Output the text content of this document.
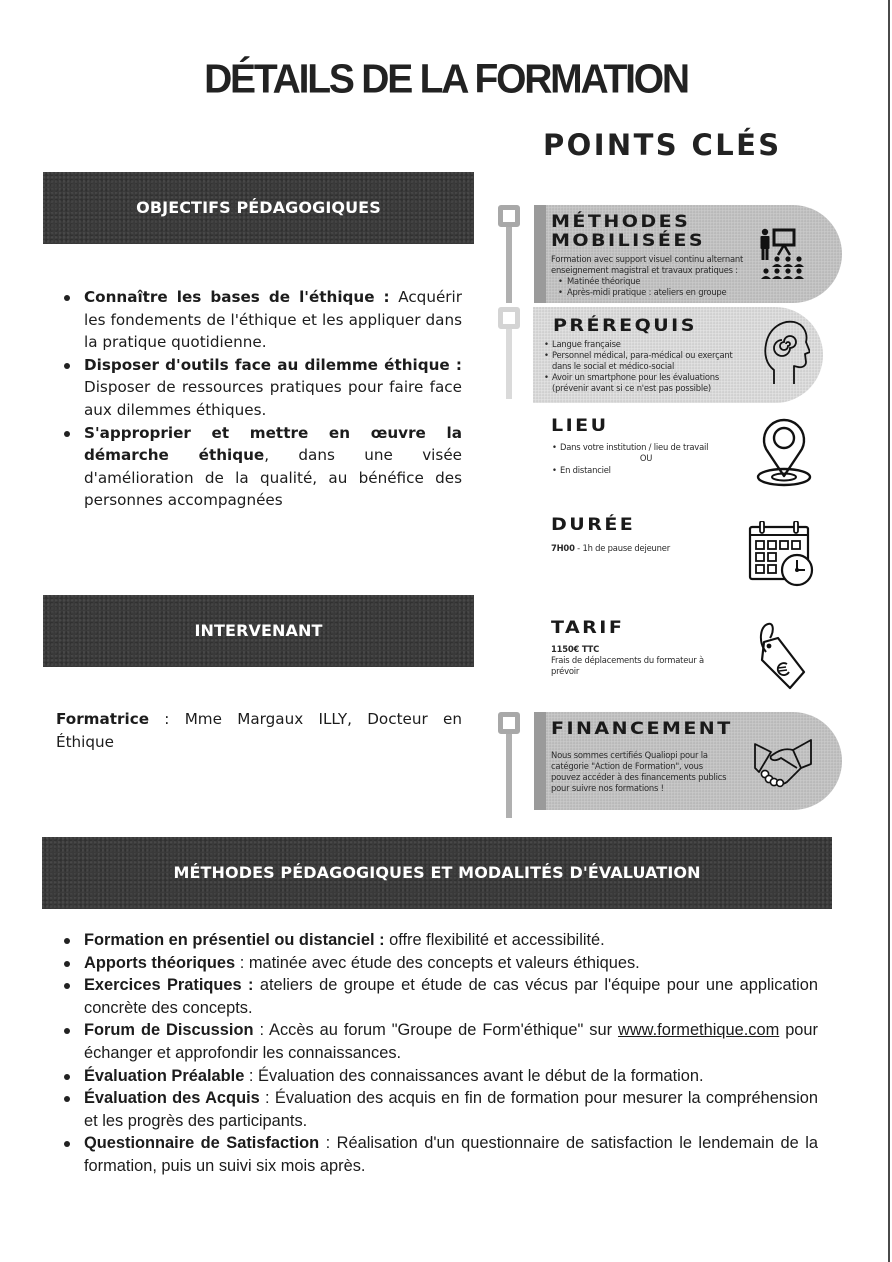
DÉTAILS DE LA FORMATION
POINTS CLÉS
OBJECTIFS PÉDAGOGIQUES
Connaître les bases de l'éthique : Acquérir les fondements de l'éthique et les appliquer dans la pratique quotidienne.
Disposer d'outils face au dilemme éthique : Disposer de ressources pratiques pour faire face aux dilemmes éthiques.
S'approprier et mettre en œuvre la démarche éthique, dans une visée d'amélioration de la qualité, au bénéfice des personnes accompagnées
INTERVENANT

Formatrice : Mme Margaux ILLY, Docteur en Éthique

MÉTHODES
MOBILISÉES
Formation avec support visuel continu alternant enseignement magistral et travaux pratiques :
• Matinée théorique
• Après-midi pratique : ateliers en groupe
PRÉREQUIS
• Langue française
• Personnel médical, para-médical ou exerçant dans le social et médico-social
• Avoir un smartphone pour les évaluations (prévenir avant si ce n'est pas possible)
LIEU
• Dans votre institution / lieu de travail
OU
• En distanciel
DURÉE
7H00 - 1h de pause dejeuner
TARIF
1150€ TTC
Frais de déplacements du formateur à prévoir
FINANCEMENT
Nous sommes certifiés Qualiopi pour la catégorie "Action de Formation", vous pouvez accéder à des financements publics pour suivre nos formations !
MÉTHODES PÉDAGOGIQUES ET MODALITÉS D'ÉVALUATION
Formation en présentiel ou distanciel : offre flexibilité et accessibilité.
Apports théoriques : matinée avec étude des concepts et valeurs éthiques.
Exercices Pratiques : ateliers de groupe et étude de cas vécus par l'équipe pour une application concrète des concepts.
Forum de Discussion : Accès au forum "Groupe de Form'éthique" sur www.formethique.com pour échanger et approfondir les connaissances.
Évaluation Préalable : Évaluation des connaissances avant le début de la formation.
Évaluation des Acquis : Évaluation des acquis en fin de formation pour mesurer la compréhension et les progrès des participants.
Questionnaire de Satisfaction : Réalisation d'un questionnaire de satisfaction le lendemain de la formation, puis un suivi six mois après.
